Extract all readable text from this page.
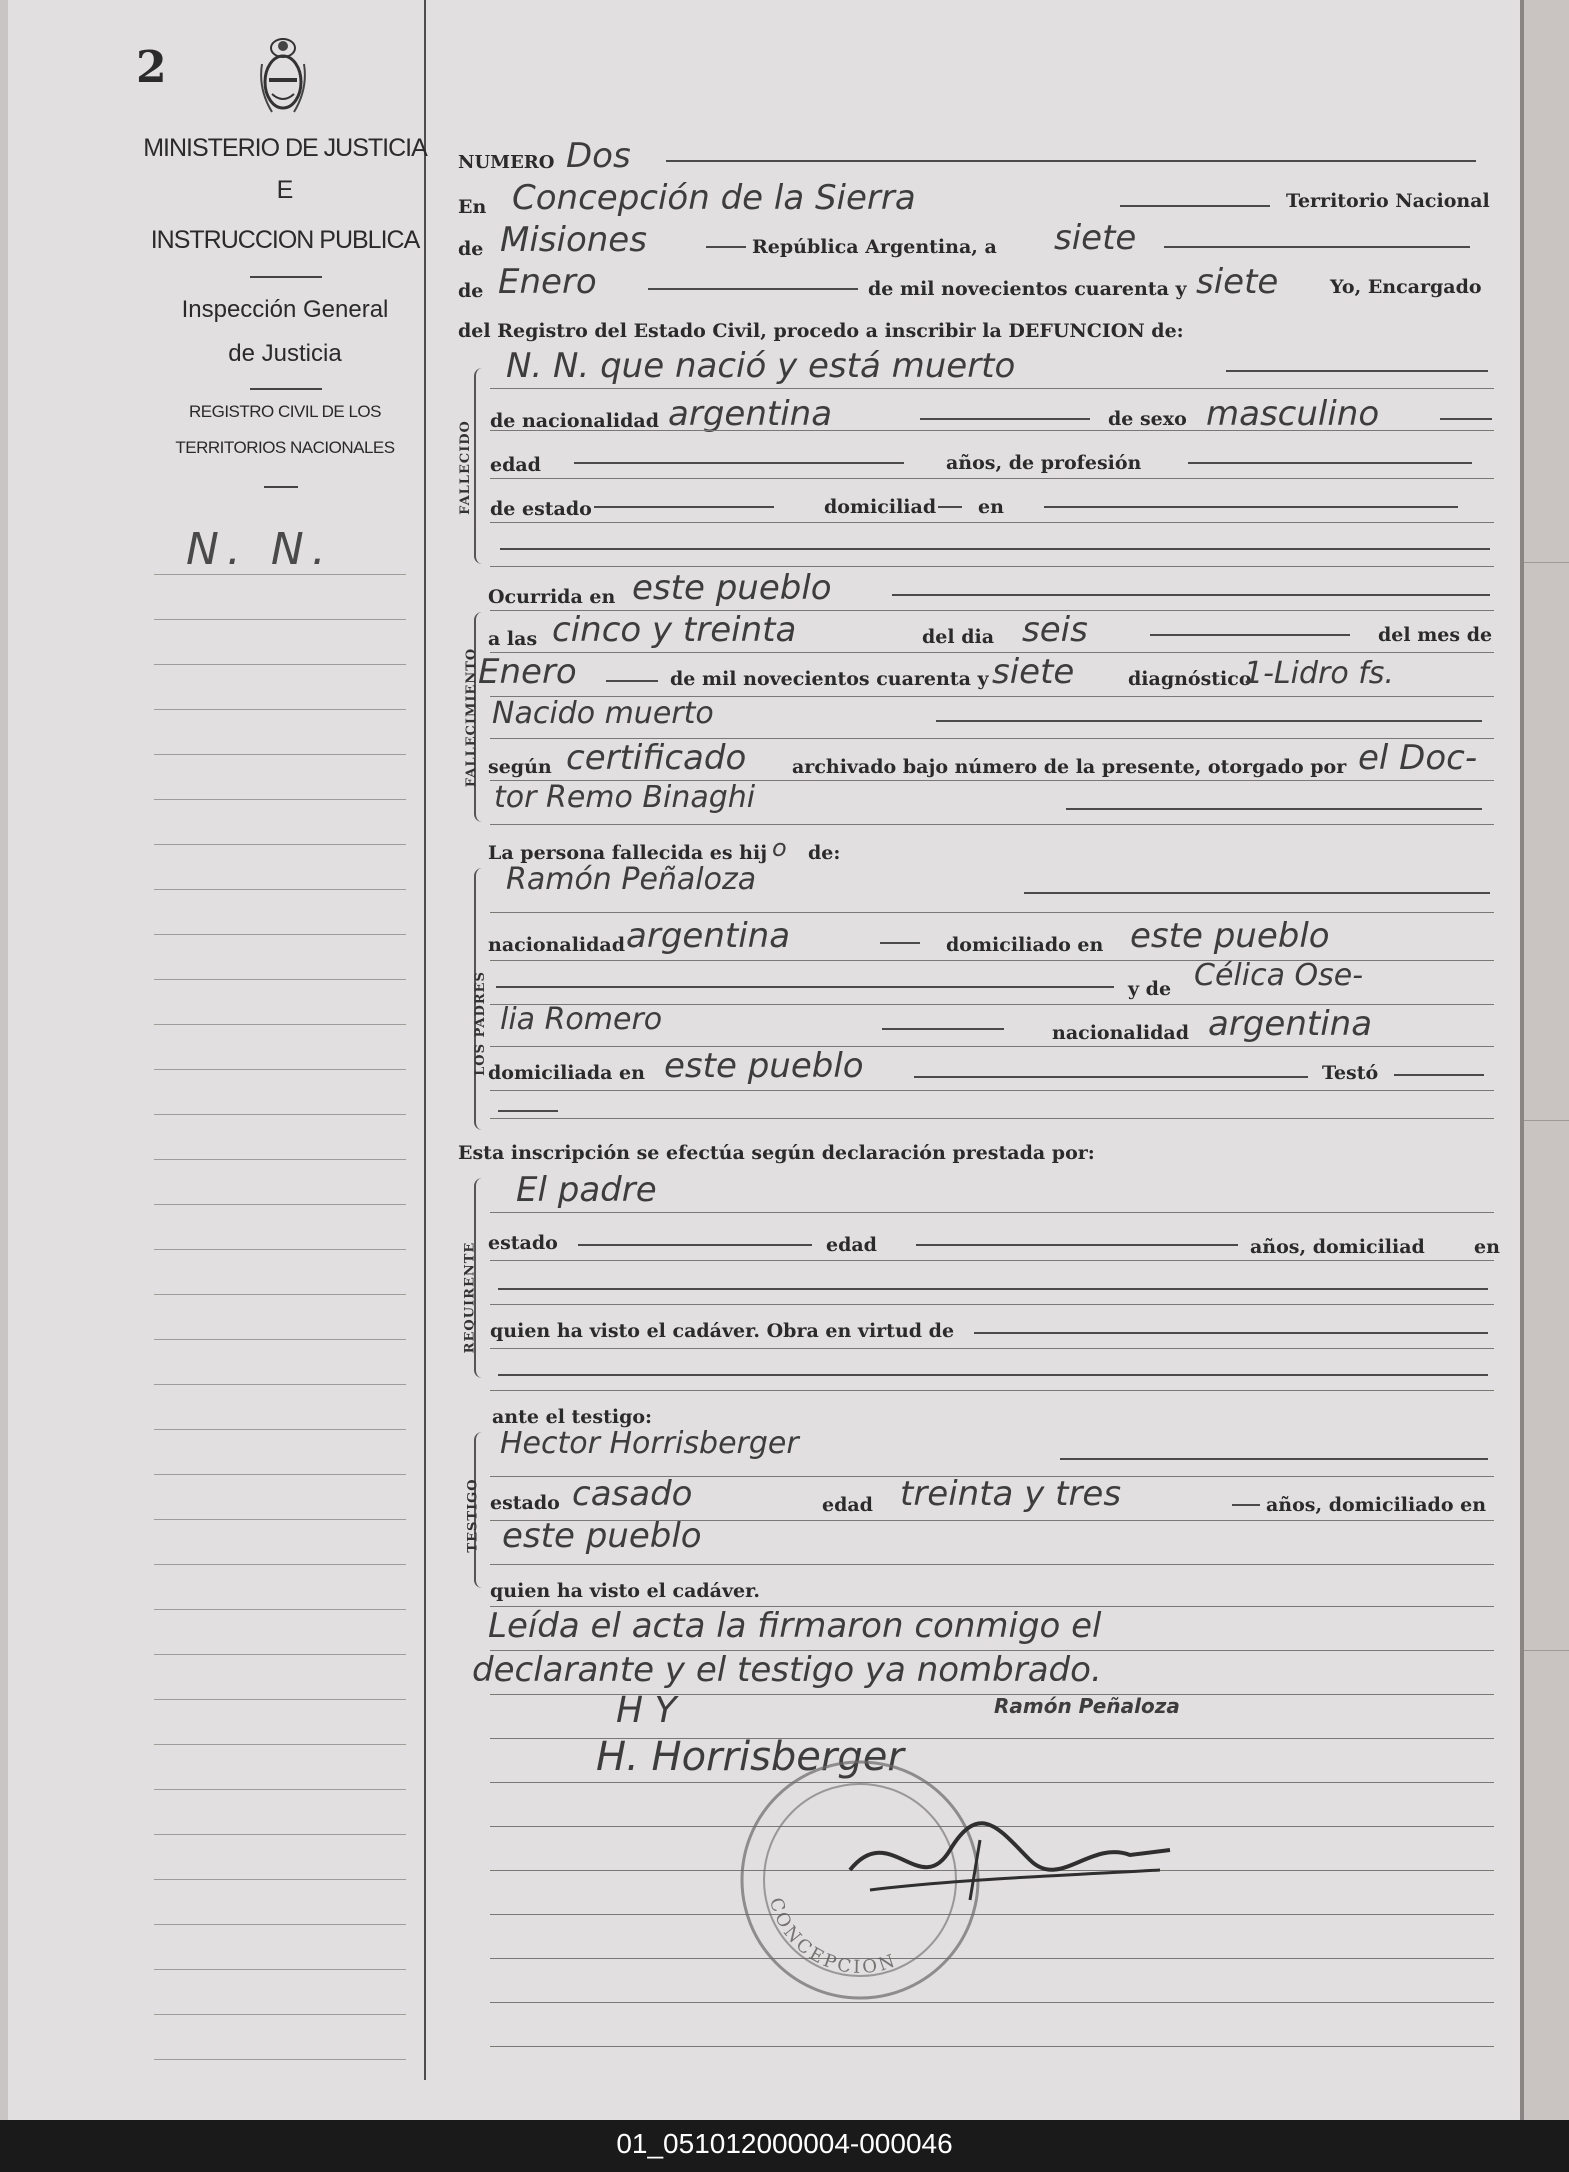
2
MINISTERIO DE JUSTICIA
E
INSTRUCCION PUBLICA
Inspección General
de Justicia
REGISTRO CIVIL DE LOS
TERRITORIOS NACIONALES
N. N.
NUMERO Dos
En Concepción de la Sierra	Territorio Nacional
de Misiones	República Argentina, a siete
de Enero	de mil novecientos cuarenta y siete	Yo, Encargado
del Registro del Estado Civil, procedo a inscribir la DEFUNCION de:
FALLECIDO
N. N. que nació y está muerto
de nacionalidad argentina	de sexo masculino
edad	años, de profesión
de estado	domiciliad en
FALLECIMIENTO
Ocurrida en este pueblo
a las cinco y treinta	del dia seis	del mes de
Enero	de mil novecientos cuarenta y siete	diagnóstico
1-Lidro fs.
Nacido muerto
según certificado archivado bajo número de la presente, otorgado por el Doc-
tor Remo Binaghi
La persona fallecida es hij o de:
LOS PADRES
Ramón Peñaloza
nacionalidad argentina	domiciliado en este pueblo
y de Célica Ose-
lia Romero	nacionalidad argentina
domiciliada en este pueblo	Testó
Esta inscripción se efectúa según declaración prestada por:
REQUIRENTE
El padre
estado	edad	años, domiciliad	en
quien ha visto el cadáver. Obra en virtud de
ante el testigo:
TESTIGO
Hector Horrisberger
estado casado	edad treinta y tres	años, domiciliado en
este pueblo
quien ha visto el cadáver.
Leída el acta la firmaron conmigo el
declarante y el testigo ya nombrado.
H Y	Ramón Peñaloza
H. Horrisberger
CONCEPCION
01_051012000004-000046
